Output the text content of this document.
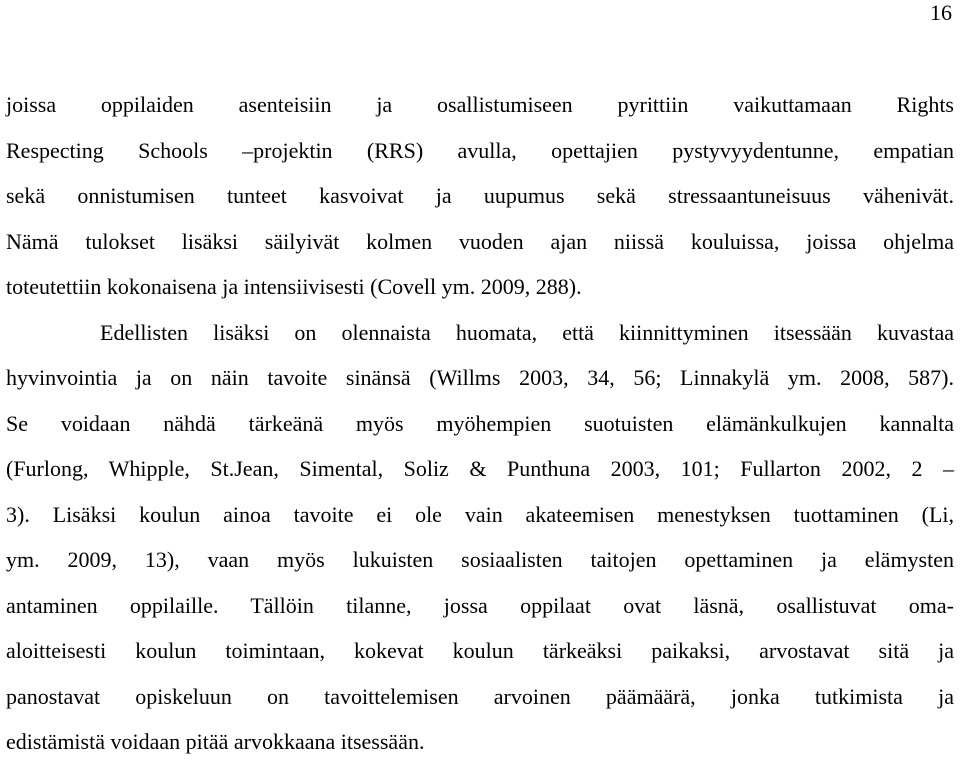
16
joissa oppilaiden asenteisiin ja osallistumiseen pyrittiin vaikuttamaan Rights
Respecting Schools –projektin (RRS) avulla, opettajien pystyvyydentunne, empatian
sekä onnistumisen tunteet kasvoivat ja uupumus sekä stressaantuneisuus vähenivät.
Nämä tulokset lisäksi säilyivät kolmen vuoden ajan niissä kouluissa, joissa ohjelma
toteutettiin kokonaisena ja intensiivisesti (Covell ym. 2009, 288).
Edellisten lisäksi on olennaista huomata, että kiinnittyminen itsessään kuvastaa
hyvinvointia ja on näin tavoite sinänsä (Willms 2003, 34, 56; Linnakylä ym. 2008, 587).
Se voidaan nähdä tärkeänä myös myöhempien suotuisten elämänkulkujen kannalta
(Furlong, Whipple, St.Jean, Simental, Soliz & Punthuna 2003, 101; Fullarton 2002, 2 –
3). Lisäksi koulun ainoa tavoite ei ole vain akateemisen menestyksen tuottaminen (Li,
ym. 2009, 13), vaan myös lukuisten sosiaalisten taitojen opettaminen ja elämysten
antaminen oppilaille. Tällöin tilanne, jossa oppilaat ovat läsnä, osallistuvat oma-
aloitteisesti koulun toimintaan, kokevat koulun tärkeäksi paikaksi, arvostavat sitä ja
panostavat opiskeluun on tavoittelemisen arvoinen päämäärä, jonka tutkimista ja
edistämistä voidaan pitää arvokkaana itsessään.
